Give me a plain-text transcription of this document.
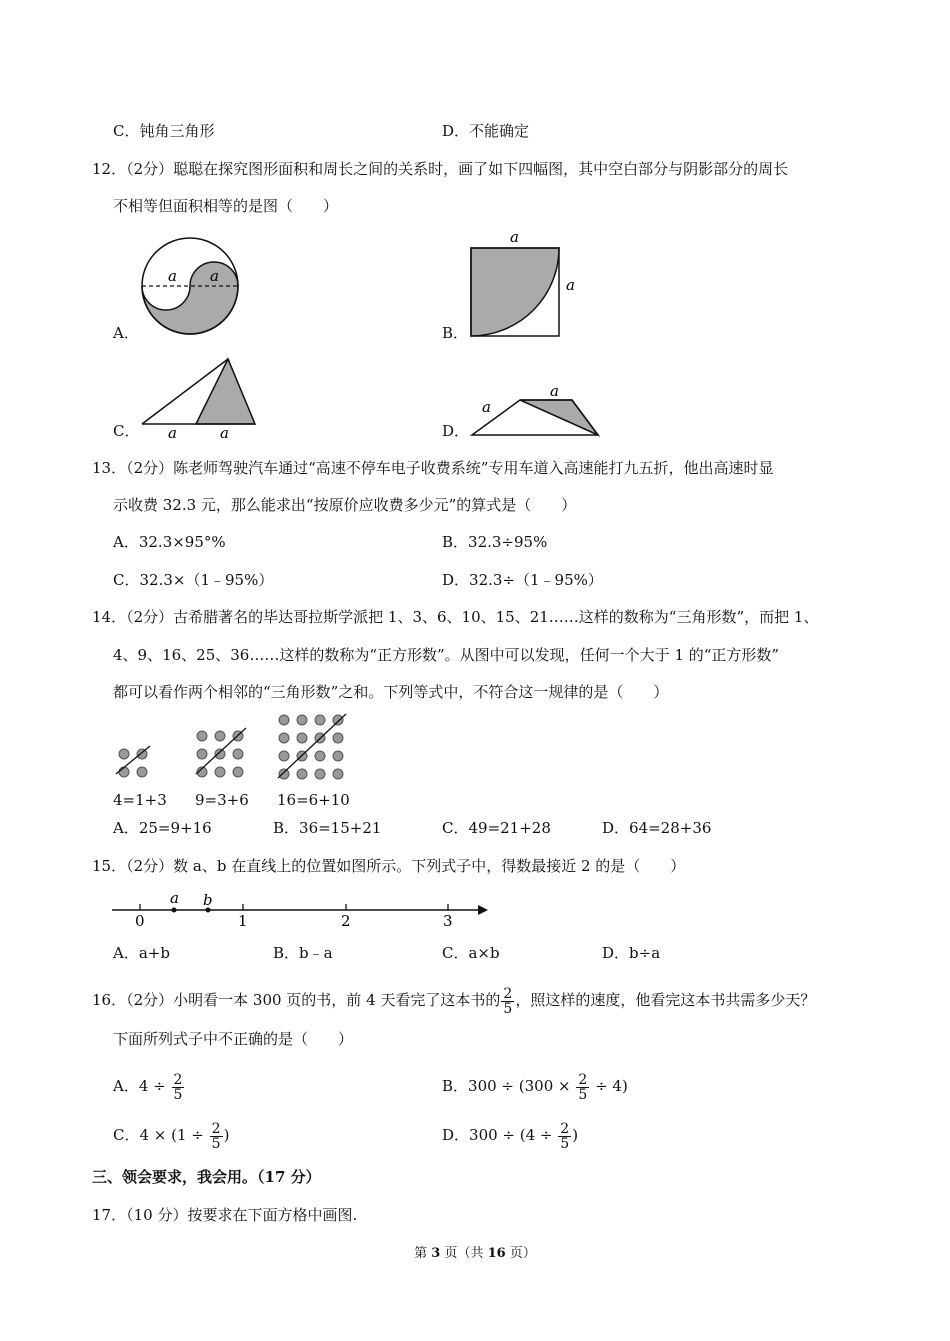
C．钝角三角形	D．不能确定
12．（2分）聪聪在探究图形面积和周长之间的关系时，画了如下四幅图，其中空白部分与阴影部分的周长
不相等但面积相等的是图（　　）
A．	B．
C．	D．
a a
a
a
a	a
a
a
13．（2分）陈老师驾驶汽车通过“高速不停车电子收费系统”专用车道入高速能打九五折，他出高速时显
示收费 32.3 元，那么能求出“按原价应收费多少元”的算式是（　　）
A．32.3×95°%	B．32.3÷95%
C．32.3×（1﹣95%）	D．32.3÷（1﹣95%）
14．（2分）古希腊著名的毕达哥拉斯学派把 1、3、6、10、15、21……这样的数称为“三角形数”，而把 1、
4、9、16、25、36……这样的数称为“正方形数”。从图中可以发现，任何一个大于 1 的“正方形数”
都可以看作两个相邻的“三角形数”之和。下列等式中，不符合这一规律的是（　　）
4=1+3 9=3+6 16=6+10
A．25=9+16	B．36=15+21	C．49=21+28	D．64=28+36
15．（2分）数 a、b 在直线上的位置如图所示。下列式子中，得数最接近 2 的是（　　）
a b
0	1	2	3
A．a+b	B．b﹣a	C．a×b	D．b÷a
16．（2分）小明看一本 300 页的书，前 4 天看完了这本书的 $\frac{2}{5}$ ，照这样的速度，他看完这本书共需多少天？
下面所列式子中不正确的是（　　）
A．$4 \div \frac{2}{5}$	B．$300 \div (300 \times \frac{2}{5} \div 4)$
C．$4 \times (1 \div \frac{2}{5}$ )	D．$300 \div (4 \div \frac{2}{5}$ )
三、领会要求，我会用。（17 分）
17．（10 分）按要求在下面方格中画图.
第 3 页（共 16 页）
